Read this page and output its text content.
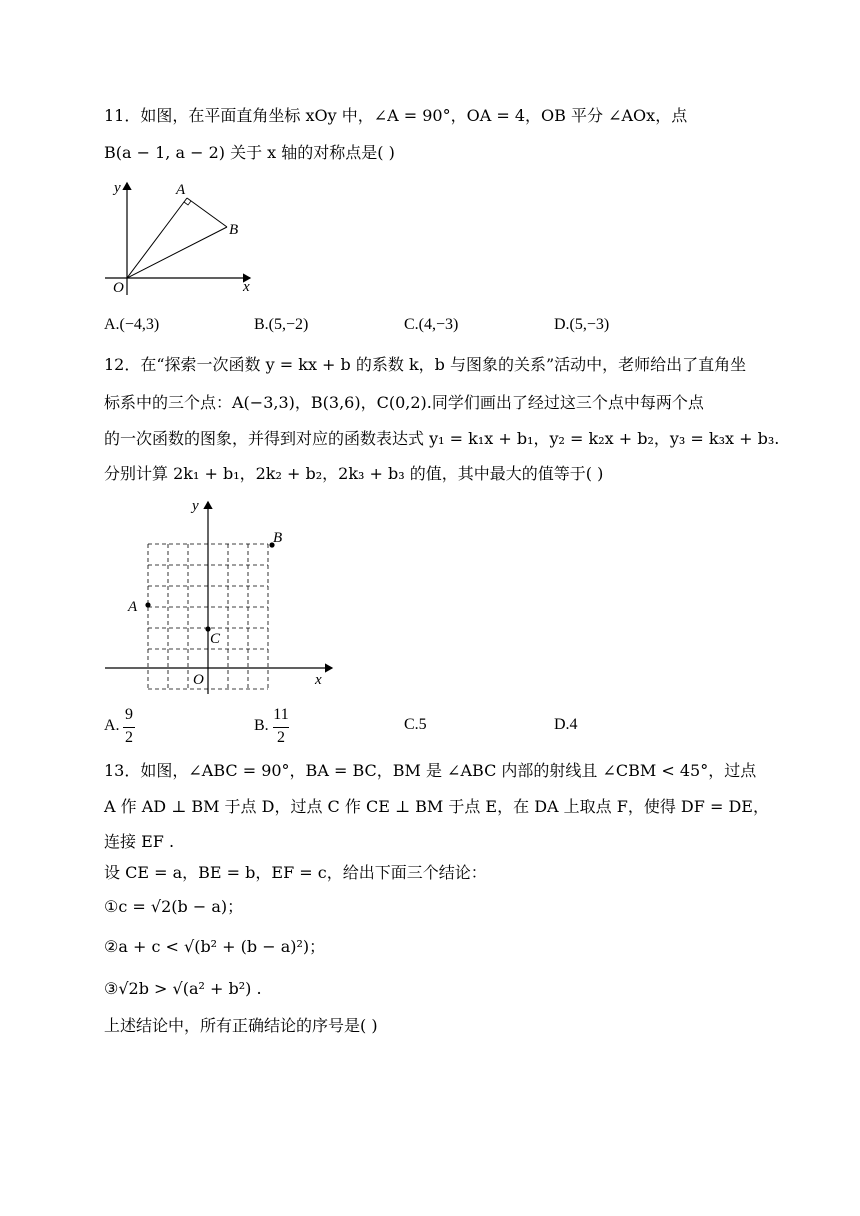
11．如图，在平面直角坐标 xOy 中，∠A = 90°，OA = 4，OB 平分 ∠AOx，点
B(a − 1, a − 2) 关于 x 轴的对称点是( )
y	A
B
O	x
A.(−4,3)	B.(5,−2)	C.(4,−3)	D.(5,−3)
12．在“探索一次函数 y = kx + b 的系数 k，b 与图象的关系”活动中，老师给出了直角坐
标系中的三个点：A(−3,3)，B(3,6)，C(0,2).同学们画出了经过这三个点中每两个点
的一次函数的图象，并得到对应的函数表达式 y₁ = k₁x + b₁，y₂ = k₂x + b₂，y₃ = k₃x + b₃.
分别计算 2k₁ + b₁，2k₂ + b₂，2k₃ + b₃ 的值，其中最大的值等于( )
y
B
A
C
O	x
A.
9
2
B.
11
2
C.5	D.4
13．如图，∠ABC = 90°，BA = BC，BM 是 ∠ABC 内部的射线且 ∠CBM < 45°，过点
A 作 AD ⊥ BM 于点 D，过点 C 作 CE ⊥ BM 于点 E，在 DA 上取点 F，使得 DF = DE，
连接 EF .
设 CE = a，BE = b，EF = c，给出下面三个结论：
①c = √2(b − a)；
②a + c < √(b² + (b − a)²)；
③√2b > √(a² + b²) .
上述结论中，所有正确结论的序号是( )
